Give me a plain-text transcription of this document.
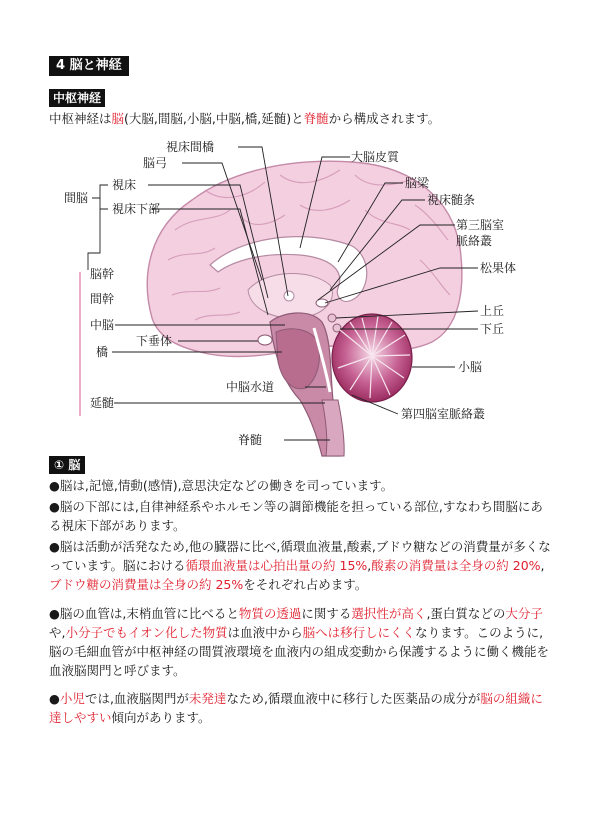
4 脳と神経
中枢神経
中枢神経は脳(大脳,間脳,小脳,中脳,橋,延髄)と脊髄から構成されます。
視床間橋
脳弓
間脳
視床
視床下部
大脳皮質
脳梁
視床髄条
第三脳室
脈絡叢
松果体
脳幹
間幹
中脳
上丘
下丘
下垂体
橋
小脳
中脳水道
延髄
第四脳室脈絡叢
脊髄
① 脳

●脳は,記憶,情動(感情),意思決定などの働きを司っています。

●脳の下部には,自律神経系やホルモン等の調節機能を担っている部位,すなわち間脳にある視床下部があります。

●脳は活動が活発なため,他の臓器に比べ,循環血液量,酸素,ブドウ糖などの消費量が多くなっています。脳における循環血液量は心拍出量の約 15%,酸素の消費量は全身の約 20%,ブドウ糖の消費量は全身の約 25%をそれぞれ占めます。

●脳の血管は,末梢血管に比べると物質の透過に関する選択性が高く,蛋白質などの大分子や,小分子でもイオン化した物質は血液中から脳へは移行しにくくなります。このように,脳の毛細血管が中枢神経の間質液環境を血液内の組成変動から保護するように働く機能を血液脳関門と呼びます。

●小児では,血液脳関門が未発達なため,循環血液中に移行した医薬品の成分が脳の組織に達しやすい傾向があります。
